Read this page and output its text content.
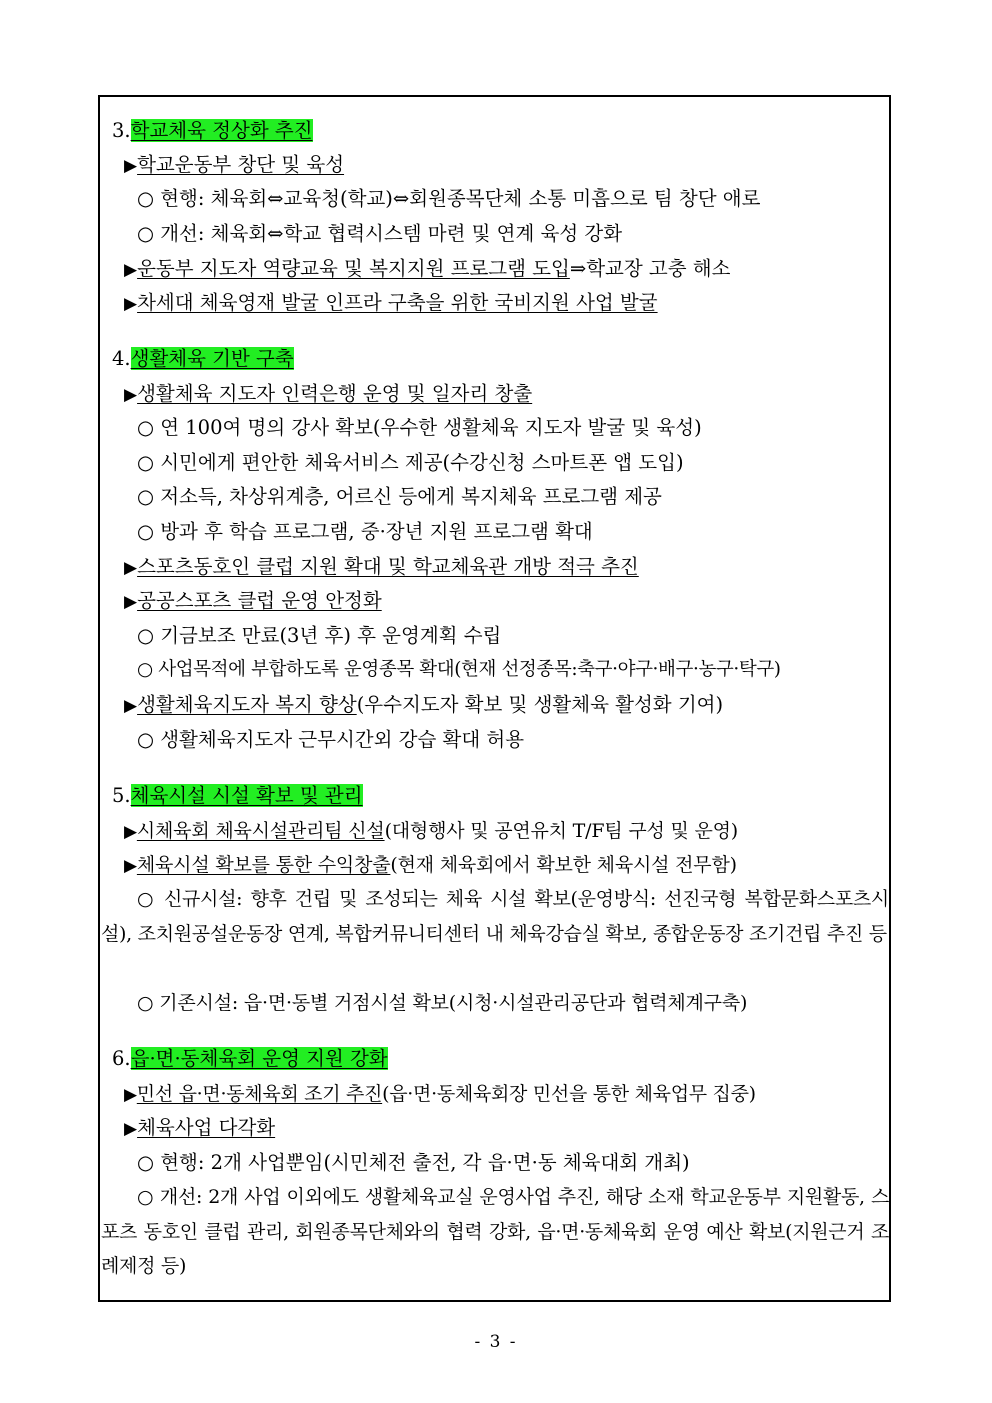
3.학교체육 정상화 추진
▶학교운동부 창단 및 육성
○ 현행: 체육회⇔교육청(학교)⇔회원종목단체 소통 미흡으로 팀 창단 애로
○ 개선: 체육회⇔학교 협력시스템 마련 및 연계 육성 강화
▶운동부 지도자 역량교육 및 복지지원 프로그램 도입⇒학교장 고충 해소
▶차세대 체육영재 발굴 인프라 구축을 위한 국비지원 사업 발굴
4.생활체육 기반 구축
▶생활체육 지도자 인력은행 운영 및 일자리 창출
○ 연 100여 명의 강사 확보(우수한 생활체육 지도자 발굴 및 육성)
○ 시민에게 편안한 체육서비스 제공(수강신청 스마트폰 앱 도입)
○ 저소득, 차상위계층, 어르신 등에게 복지체육 프로그램 제공
○ 방과 후 학습 프로그램, 중·장년 지원 프로그램 확대
▶스포츠동호인 클럽 지원 확대 및 학교체육관 개방 적극 추진
▶공공스포츠 클럽 운영 안정화
○ 기금보조 만료(3년 후) 후 운영계획 수립
○ 사업목적에 부합하도록 운영종목 확대(현재 선정종목:축구·야구·배구·농구·탁구)
▶생활체육지도자 복지 향상(우수지도자 확보 및 생활체육 활성화 기여)
○ 생활체육지도자 근무시간외 강습 확대 허용
5.체육시설 시설 확보 및 관리
▶시체육회 체육시설관리팀 신설(대형행사 및 공연유치 T/F팀 구성 및 운영)
▶체육시설 확보를 통한 수익창출(현재 체육회에서 확보한 체육시설 전무함)
○ 신규시설: 향후 건립 및 조성되는 체육 시설 확보(운영방식: 선진국형 복합문화스포츠시설), 조치원공설운동장 연계, 복합커뮤니티센터 내 체육강습실 확보, 종합운동장 조기건립 추진 등
○ 기존시설: 읍·면·동별 거점시설 확보(시청·시설관리공단과 협력체계구축)
6.읍·면·동체육회 운영 지원 강화
▶민선 읍·면·동체육회 조기 추진(읍·면·동체육회장 민선을 통한 체육업무 집중)
▶체육사업 다각화
○ 현행: 2개 사업뿐임(시민체전 출전, 각 읍·면·동 체육대회 개최)
○ 개선: 2개 사업 이외에도 생활체육교실 운영사업 추진, 해당 소재 학교운동부 지원활동, 스포츠 동호인 클럽 관리, 회원종목단체와의 협력 강화, 읍·면·동체육회 운영 예산 확보(지원근거 조례제정 등)
- 3 -
